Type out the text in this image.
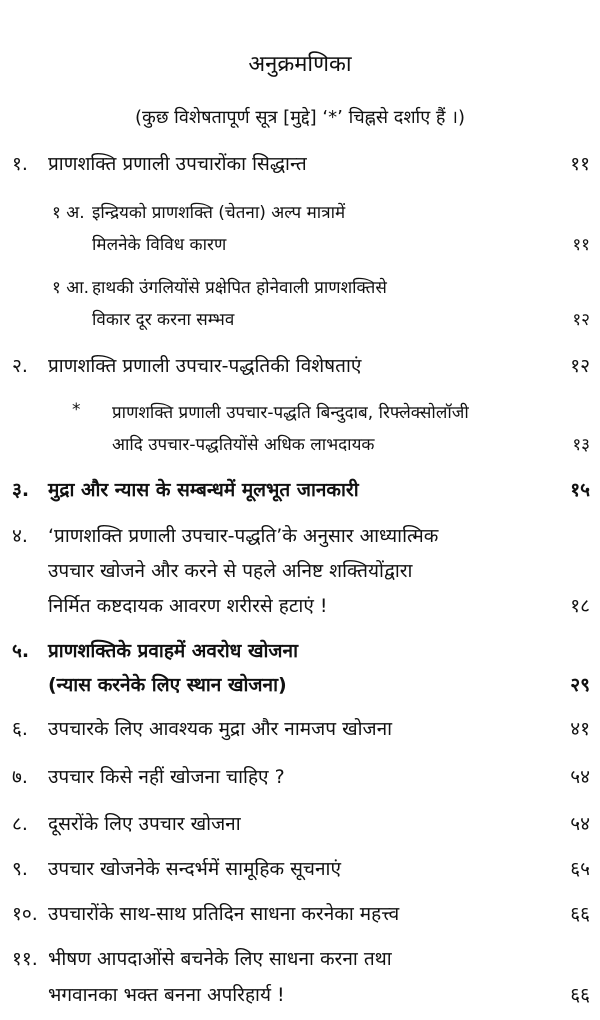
अनुक्रमणिका
(कुछ विशेषतापूर्ण सूत्र [मुद्दे] ‘*’ चिह्नसे दर्शाए हैं ।)
१. प्राणशक्ति प्रणाली उपचारोंका सिद्धान्त	११
१ अ. इन्द्रियको प्राणशक्ति (चेतना) अल्प मात्रामें
मिलनेके विविध कारण	११
१ आ. हाथकी उंगलियोंसे प्रक्षेपित होनेवाली प्राणशक्तिसे
विकार दूर करना सम्भव	१२
२. प्राणशक्ति प्रणाली उपचार-पद्धतिकी विशेषताएं	१२
* प्राणशक्ति प्रणाली उपचार-पद्धति बिन्दुदाब, रिफ्लेक्सोलॉजी
आदि उपचार-पद्धतियोंसे अधिक लाभदायक	१३
३. मुद्रा और न्यास के सम्बन्धमें मूलभूत जानकारी	१५
४. ‘प्राणशक्ति प्रणाली उपचार-पद्धति’के अनुसार आध्यात्मिक
उपचार खोजने और करने से पहले अनिष्ट शक्तियोंद्वारा
निर्मित कष्टदायक आवरण शरीरसे हटाएं !	१८
५. प्राणशक्तिके प्रवाहमें अवरोध खोजना
(न्यास करनेके लिए स्थान खोजना)	२९
६. उपचारके लिए आवश्यक मुद्रा और नामजप खोजना	४१
७. उपचार किसे नहीं खोजना चाहिए ?	५४
८. दूसरोंके लिए उपचार खोजना	५४
९. उपचार खोजनेके सन्दर्भमें सामूहिक सूचनाएं	६५
१०. उपचारोंके साथ-साथ प्रतिदिन साधना करनेका महत्त्व	६६
११. भीषण आपदाओंसे बचनेके लिए साधना करना तथा
भगवानका भक्त बनना अपरिहार्य !	६६
